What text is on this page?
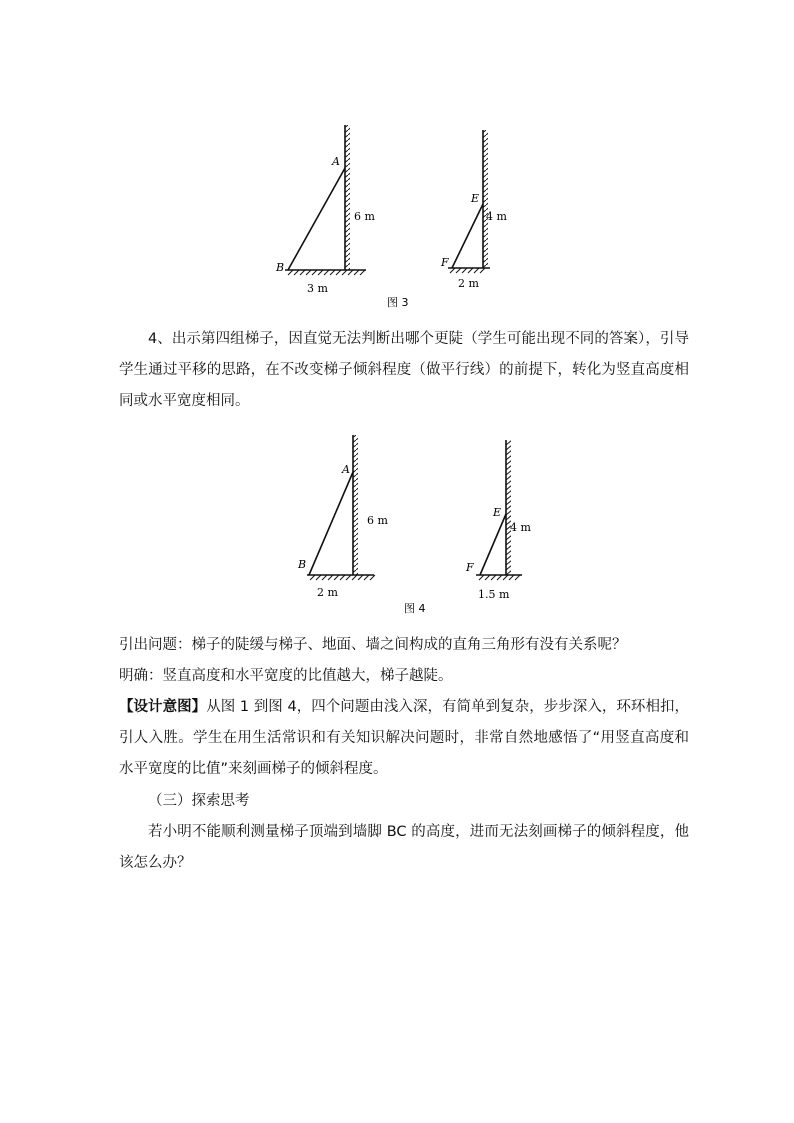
A
B
6 m
3 m
E
F
4 m
2 m
图 3
4、出示第四组梯子，因直觉无法判断出哪个更陡（学生可能出现不同的答案），引导学生通过平移的思路，在不改变梯子倾斜程度（做平行线）的前提下，转化为竖直高度相同或水平宽度相同。
A
B
6 m
2 m
E
F
4 m
1.5 m
图 4
引出问题：梯子的陡缓与梯子、地面、墙之间构成的直角三角形有没有关系呢？
明确：竖直高度和水平宽度的比值越大，梯子越陡。
【设计意图】从图 1 到图 4，四个问题由浅入深，有简单到复杂，步步深入，环环相扣，引人入胜。学生在用生活常识和有关知识解决问题时，非常自然地感悟了“用竖直高度和水平宽度的比值”来刻画梯子的倾斜程度。
（三）探索思考
若小明不能顺利测量梯子顶端到墙脚 BC 的高度，进而无法刻画梯子的倾斜程度，他该怎么办？
